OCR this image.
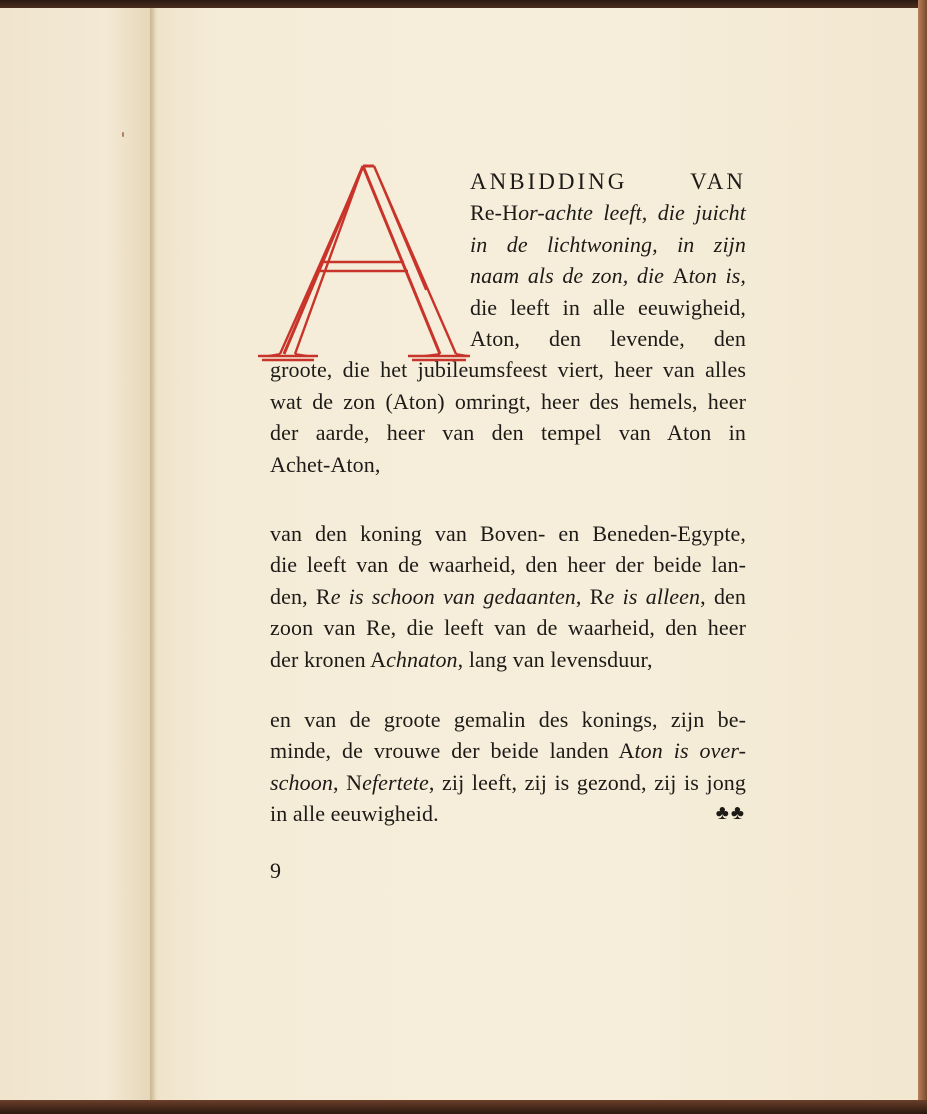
ANBIDDING VAN
Re-Hor-achte leeft, die juicht
in de lichtwoning, in zijn
naam als de zon, die Aton is,
die leeft in alle eeuwigheid,
Aton, den levende, den
groote, die het jubileumsfeest viert, heer van alles
wat de zon (Aton) omringt, heer des hemels, heer
der aarde, heer van den tempel van Aton in
Achet-Aton,
van den koning van Boven- en Beneden-Egypte,
die leeft van de waarheid, den heer der beide lan-
den, Re is schoon van gedaanten, Re is alleen, den
zoon van Re, die leeft van de waarheid, den heer
der kronen Achnaton, lang van levensduur,
en van de groote gemalin des konings, zijn be-
minde, de vrouwe der beide landen Aton is over-
schoon, Nefertete, zij leeft, zij is gezond, zij is jong
in alle eeuwigheid.	♣♣
9
